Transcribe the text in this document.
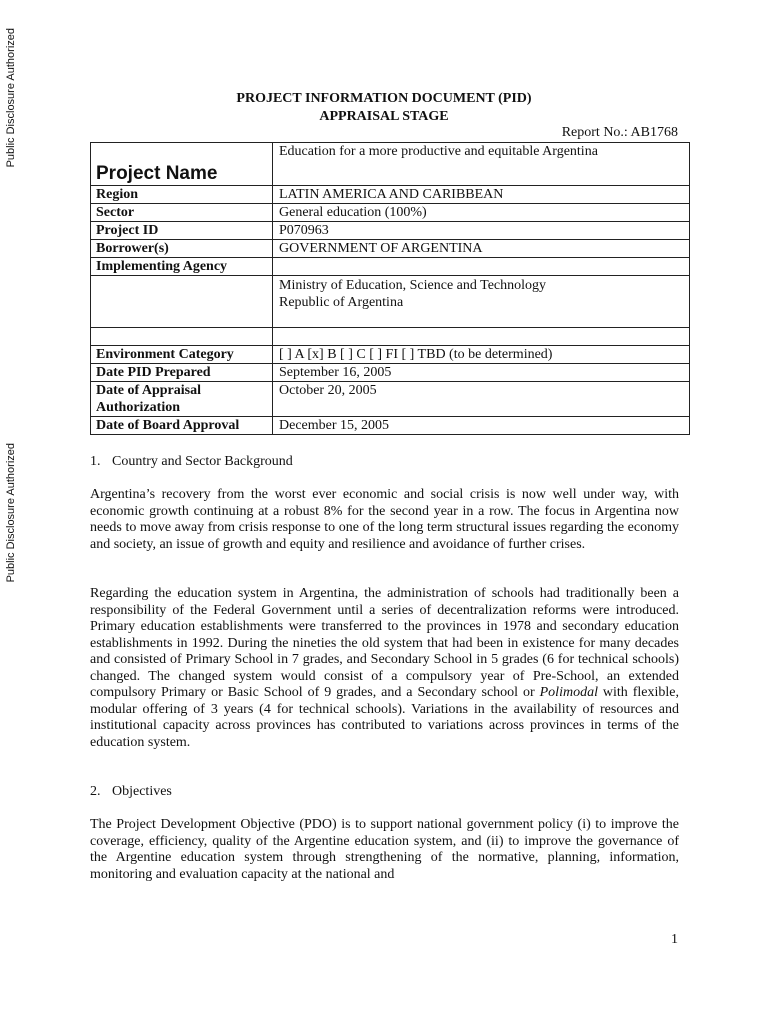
Public Disclosure Authorized
Public Disclosure Authorized
PROJECT INFORMATION DOCUMENT (PID)
APPRAISAL STAGE
Report No.: AB1768
Project Name	Education for a more productive and equitable Argentina
Region	LATIN AMERICA AND CARIBBEAN
Sector	General education (100%)
Project ID	P070963
Borrower(s)	GOVERNMENT OF ARGENTINA
Implementing Agency	

	Ministry of Education, Science and Technology
Republic of Argentina

Environment Category	[ ] A [x] B [ ] C [ ] FI [ ] TBD (to be determined)
Date PID Prepared	September 16, 2005
Date of Appraisal Authorization	October 20, 2005
Date of Board Approval	December 15, 2005
1. Country and Sector Background

Argentina’s recovery from the worst ever economic and social crisis is now well under way, with economic growth continuing at a robust 8% for the second year in a row. The focus in Argentina now needs to move away from crisis response to one of the long term structural issues regarding the economy and society, an issue of growth and equity and resilience and avoidance of further crises.

Regarding the education system in Argentina, the administration of schools had traditionally been a responsibility of the Federal Government until a series of decentralization reforms were introduced. Primary education establishments were transferred to the provinces in 1978 and secondary education establishments in 1992. During the nineties the old system that had been in existence for many decades and consisted of Primary School in 7 grades, and Secondary School in 5 grades (6 for technical schools) changed. The changed system would consist of a compulsory year of Pre-School, an extended compulsory Primary or Basic School of 9 grades, and a Secondary school or Polimodal with flexible, modular offering of 3 years (4 for technical schools). Variations in the availability of resources and institutional capacity across provinces has contributed to variations across provinces in terms of the education system.

2. Objectives

The Project Development Objective (PDO) is to support national government policy (i) to improve the coverage, efficiency, quality of the Argentine education system, and (ii) to improve the governance of the Argentine education system through strengthening of the normative, planning, information, monitoring and evaluation capacity at the national and

1
